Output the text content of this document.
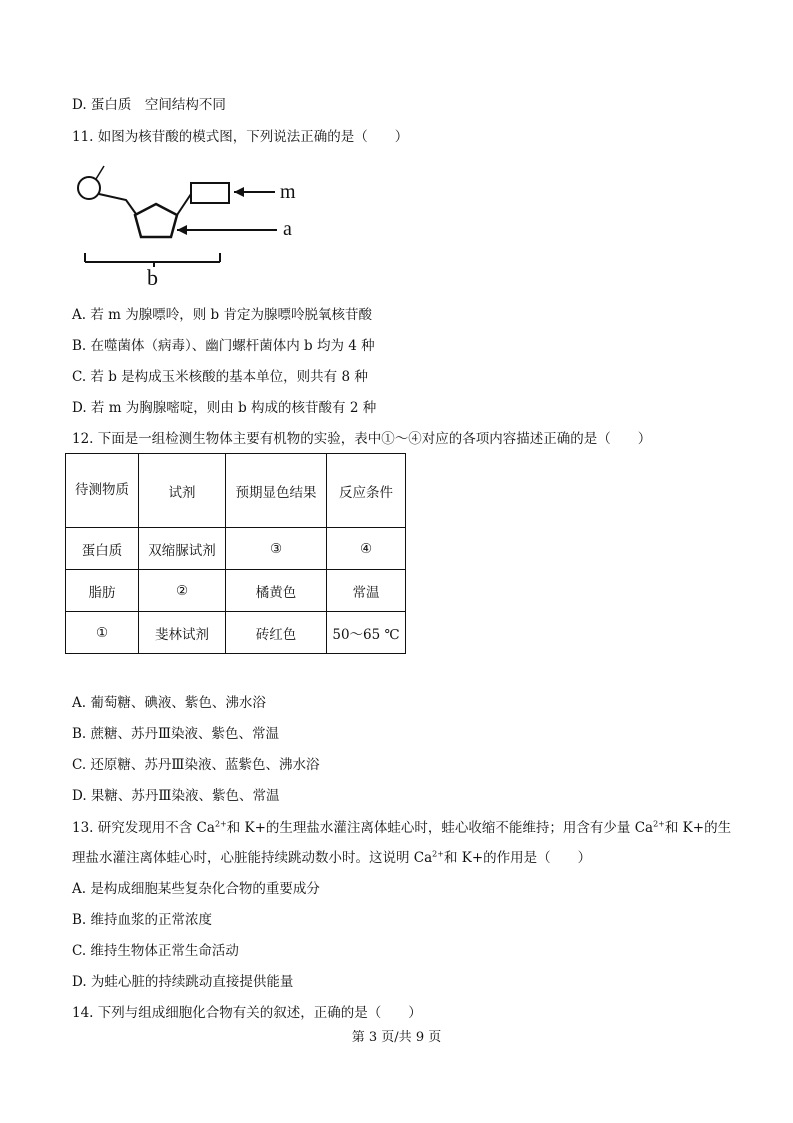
D. 蛋白质　空间结构不同
11. 如图为核苷酸的模式图，下列说法正确的是（　　）
m
a
b
A. 若 m 为腺嘌呤，则 b 肯定为腺嘌呤脱氧核苷酸
B. 在噬菌体（病毒）、幽门螺杆菌体内 b 均为 4 种
C. 若 b 是构成玉米核酸的基本单位，则共有 8 种
D. 若 m 为胸腺嘧啶，则由 b 构成的核苷酸有 2 种
12. 下面是一组检测生物体主要有机物的实验，表中①～④对应的各项内容描述正确的是（　　）
待测物质	试剂	预期显色结果	反应条件
蛋白质	双缩脲试剂	③	④
脂肪	②	橘黄色	常温
①	斐林试剂	砖红色	50～65 ℃
A. 葡萄糖、碘液、紫色、沸水浴
B. 蔗糖、苏丹Ⅲ染液、紫色、常温
C. 还原糖、苏丹Ⅲ染液、蓝紫色、沸水浴
D. 果糖、苏丹Ⅲ染液、紫色、常温
13. 研究发现用不含 $Ca^{2+}$和 K+的生理盐水灌注离体蛙心时，蛙心收缩不能维持；用含有少量 $Ca^{2+}$和 K+的生理盐水灌注离体蛙心时，心脏能持续跳动数小时。这说明 $Ca^{2+}$和 K+的作用是（　　）
A. 是构成细胞某些复杂化合物的重要成分
B. 维持血浆的正常浓度
C. 维持生物体正常生命活动
D. 为蛙心脏的持续跳动直接提供能量
14. 下列与组成细胞化合物有关的叙述，正确的是（　　）
第 3 页/共 9 页
